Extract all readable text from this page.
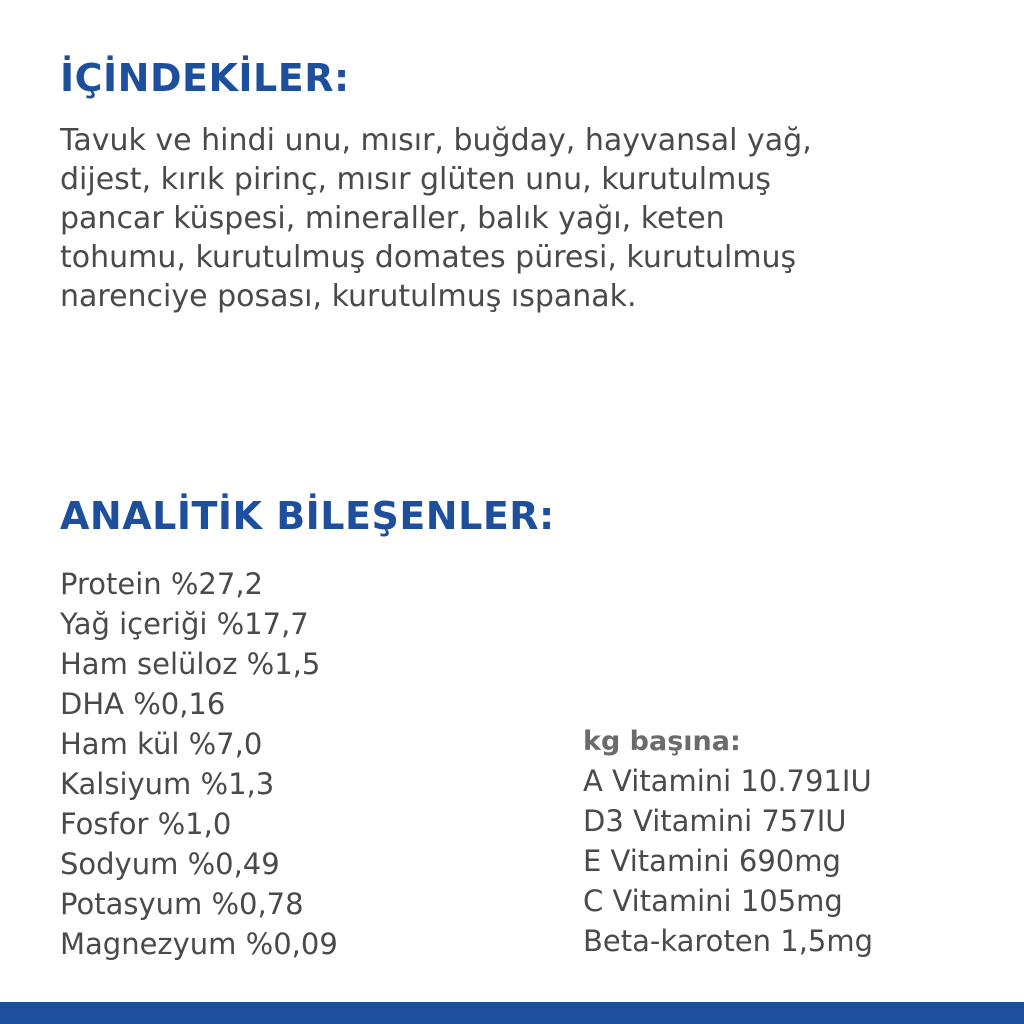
İÇİNDEKİLER:

Tavuk ve hindi unu, mısır, buğday, hayvansal yağ,
dijest, kırık pirinç, mısır glüten unu, kurutulmuş
pancar küspesi, mineraller, balık yağı, keten
tohumu, kurutulmuş domates püresi, kurutulmuş
narenciye posası, kurutulmuş ıspanak.

ANALİTİK BİLEŞENLER:
Protein %27,2
Yağ içeriği %17,7
Ham selüloz %1,5
DHA %0,16
Ham kül %7,0
Kalsiyum %1,3
Fosfor %1,0
Sodyum %0,49
Potasyum %0,78
Magnezyum %0,09

kg başına:

A Vitamini 10.791IU
D3 Vitamini 757IU
E Vitamini 690mg
C Vitamini 105mg
Beta-karoten 1,5mg
